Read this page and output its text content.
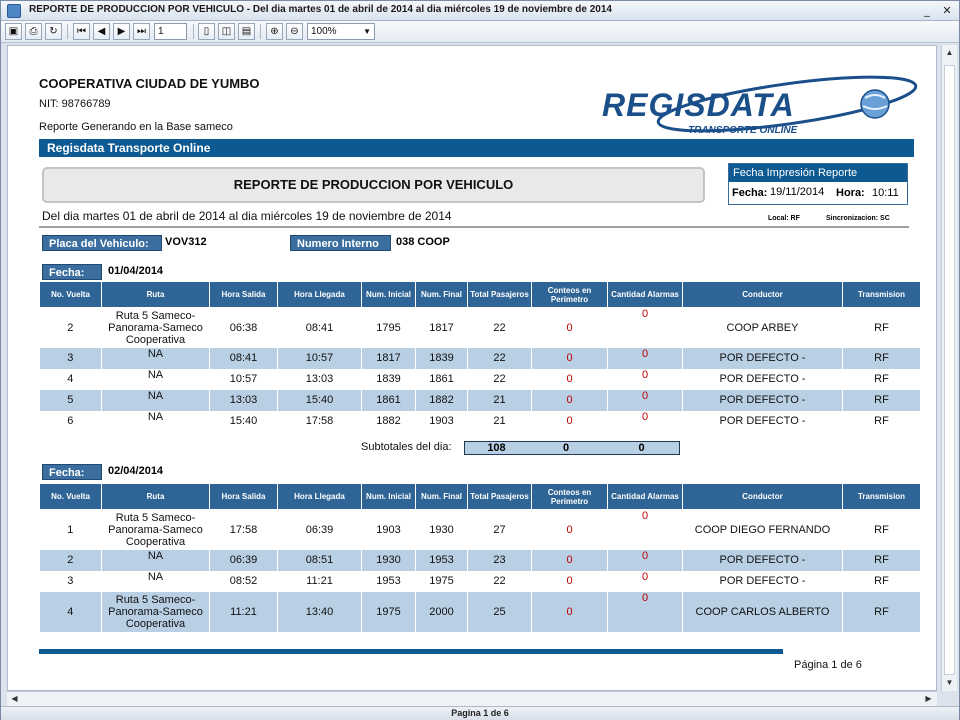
REPORTE DE PRODUCCION POR VEHICULO - Del dia martes 01 de abril de 2014 al dia miércoles 19 de noviembre de 2014	_	✕
▣	⎙	↻	⏮	◀	▶	⏭	1	▯	◫	▤	⊕	⊖	100%	▼
COOPERATIVA CIUDAD DE YUMBO
NIT: 98766789
Reporte Generando en la Base sameco
REGISDATA
TRANSPORTE ONLINE
Regisdata Transporte Online
REPORTE DE PRODUCCION POR VEHICULO
Fecha Impresión Reporte
Fecha: 19/11/2014 Hora: 10:11
Del dia martes 01 de abril de 2014 al dia miércoles 19 de noviembre de 2014	Local: RF	Sincronizacion: SC
Placa del Vehiculo:	VOV312	Numero Interno	038 COOP
Fecha:	01/04/2014
No. Vuelta	Ruta	Hora Salida	Hora Llegada	Num. Inicial	Num. Final	Total Pasajeros	Conteos en Perimetro	Cantidad Alarmas	Conductor	Transmision
2	Ruta 5 Sameco-Panorama-Sameco Cooperativa	06:38	08:41	1795	1817	22	0	0	COOP ARBEY	RF
3	NA	08:41	10:57	1817	1839	22	0	0	POR DEFECTO -	RF
4	NA	10:57	13:03	1839	1861	22	0	0	POR DEFECTO -	RF
5	NA	13:03	15:40	1861	1882	21	0	0	POR DEFECTO -	RF
6	NA	15:40	17:58	1882	1903	21	0	0	POR DEFECTO -	RF
Subtotales del dia:	108	0	0
Fecha:	02/04/2014
No. Vuelta	Ruta	Hora Salida	Hora Llegada	Num. Inicial	Num. Final	Total Pasajeros	Conteos en Perimetro	Cantidad Alarmas	Conductor	Transmision
1	Ruta 5 Sameco-Panorama-Sameco Cooperativa	17:58	06:39	1903	1930	27	0	0	COOP DIEGO FERNANDO	RF
2	NA	06:39	08:51	1930	1953	23	0	0	POR DEFECTO -	RF
3	NA	08:52	11:21	1953	1975	22	0	0	POR DEFECTO -	RF
4	Ruta 5 Sameco-Panorama-Sameco Cooperativa	11:21	13:40	1975	2000	25	0	0	COOP CARLOS ALBERTO	RF
Página 1 de 6
▲
▼
◀	▶
Pagina 1 de 6
